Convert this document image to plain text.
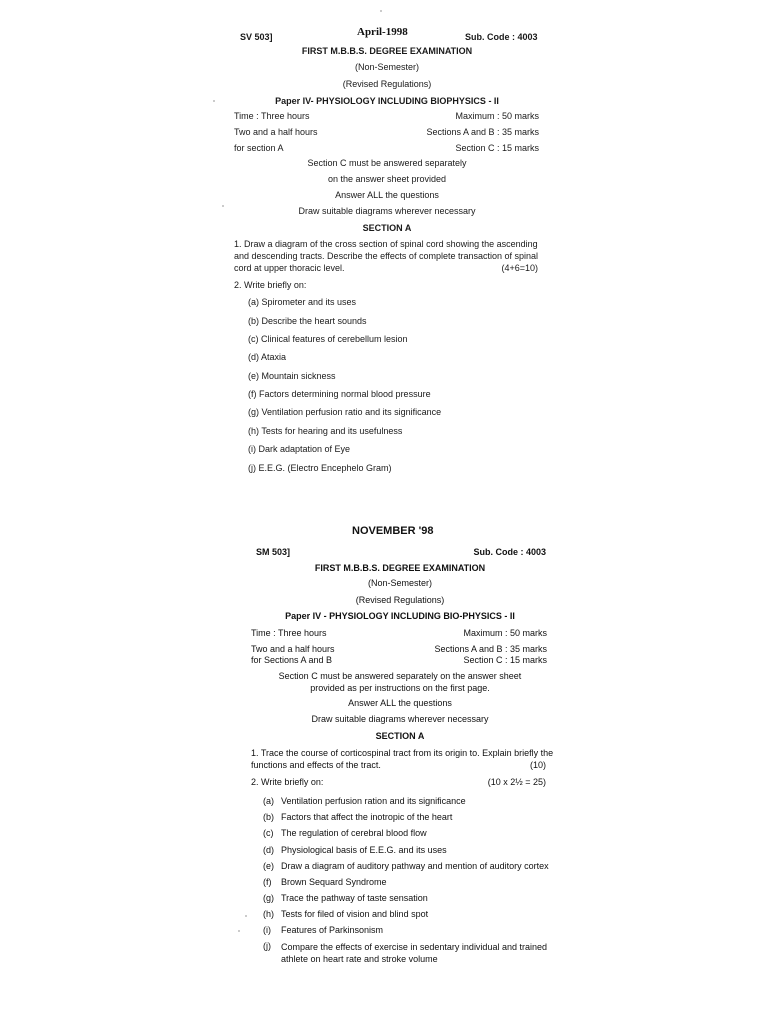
SV 503]	April-1998	Sub. Code : 4003
FIRST M.B.B.S. DEGREE EXAMINATION
(Non-Semester)
(Revised Regulations)
Paper IV- PHYSIOLOGY INCLUDING BIOPHYSICS - II
Time : Three hours	Maximum : 50 marks
Two and a half hours	Sections A and B : 35 marks
for section A	Section C : 15 marks
Section C must be answered separately
on the answer sheet provided
Answer ALL the questions
Draw suitable diagrams wherever necessary
SECTION A
1. Draw a diagram of the cross section of spinal cord showing the ascending
and descending tracts. Describe the effects of complete transaction of spinal
cord at upper thoracic level.	(4+6=10)
2. Write briefly on:
(a) Spirometer and its uses
(b) Describe the heart sounds
(c) Clinical features of cerebellum lesion
(d) Ataxia
(e) Mountain sickness
(f) Factors determining normal blood pressure
(g) Ventilation perfusion ratio and its significance
(h) Tests for hearing and its usefulness
(i) Dark adaptation of Eye
(j) E.E.G. (Electro Encephelo Gram)
NOVEMBER '98
SM 503]	Sub. Code : 4003
FIRST M.B.B.S. DEGREE EXAMINATION
(Non-Semester)
(Revised Regulations)
Paper IV - PHYSIOLOGY INCLUDING BIO-PHYSICS - II
Time : Three hours	Maximum : 50 marks
Two and a half hours	Sections A and B : 35 marks
for Sections A and B	Section C : 15 marks
Section C must be answered separately on the answer sheet
provided as per instructions on the first page.
Answer ALL the questions
Draw suitable diagrams wherever necessary
SECTION A
1. Trace the course of corticospinal tract from its origin to. Explain briefly the
functions and effects of the tract.	(10)
2. Write briefly on:	(10 x 2½ = 25)
(a) Ventilation perfusion ration and its significance
(b) Factors that affect the inotropic of the heart
(c) The regulation of cerebral blood flow
(d) Physiological basis of E.E.G. and its uses
(e) Draw a diagram of auditory pathway and mention of auditory cortex
(f) Brown Sequard Syndrome
(g) Trace the pathway of taste sensation
(h) Tests for filed of vision and blind spot
(i) Features of Parkinsonism
(j) Compare the effects of exercise in sedentary individual and trained
athlete on heart rate and stroke volume
